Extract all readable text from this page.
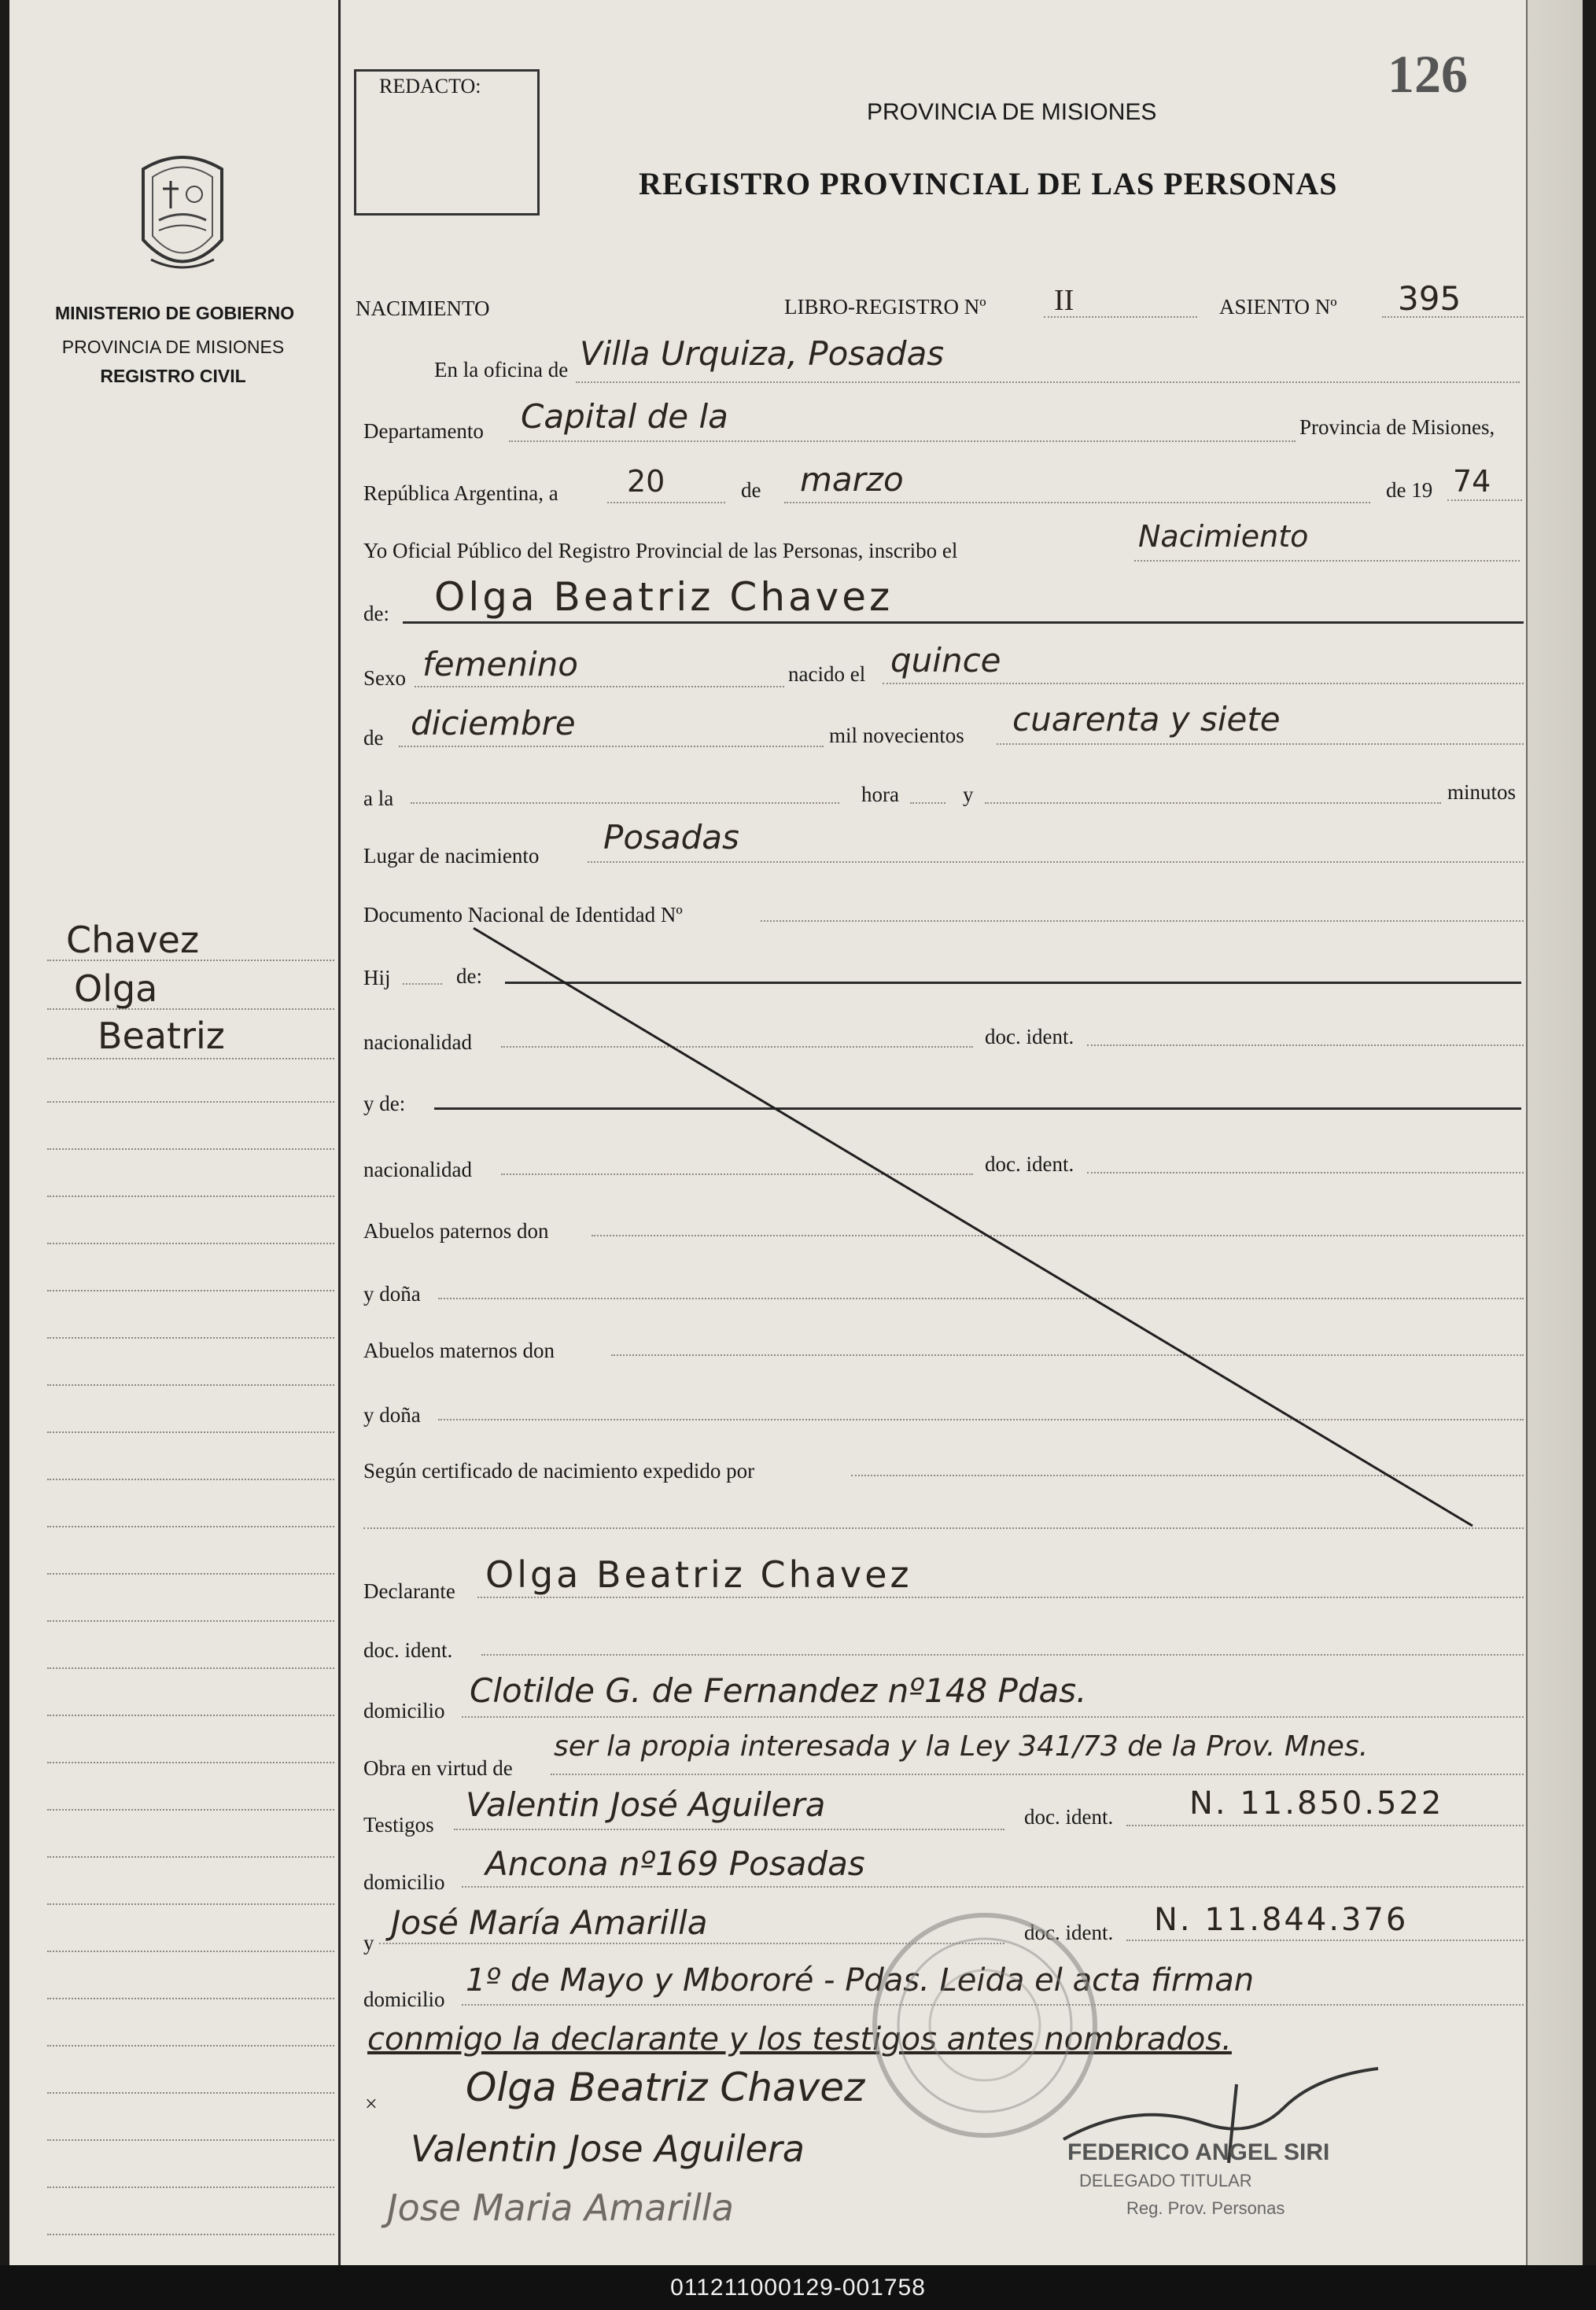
MINISTERIO DE GOBIERNO
PROVINCIA DE MISIONES
REGISTRO CIVIL
Chavez
Olga
Beatriz
REDACTO:	126
PROVINCIA DE MISIONES
REGISTRO PROVINCIAL DE LAS PERSONAS
NACIMIENTO	LIBRO-REGISTRO Nº II	ASIENTO Nº 395
En la oficina de Villa Urquiza, Posadas
Departamento Capital de la	Provincia de Misiones,
República Argentina, a 20	de marzo	de 19 74
Yo Oficial Público del Registro Provincial de las Personas, inscribo el	Nacimiento
de: Olga Beatriz Chavez
Sexo femenino	nacido el quince
de diciembre	mil novecientos cuarenta y siete
a la	hora	y	minutos
Lugar de nacimiento Posadas
Documento Nacional de Identidad Nº
Hij	de:
nacionalidad	doc. ident.
y de:
nacionalidad	doc. ident.
Abuelos paternos don
y doña
Abuelos maternos don
y doña
Según certificado de nacimiento expedido por
Declarante Olga Beatriz Chavez
doc. ident.
domicilio
Clotilde G. de Fernandez nº148 Pdas.
Obra en virtud de
ser la propia interesada y la Ley 341/73 de la Prov. Mnes.
Testigos
Valentin José Aguilera	doc. ident. N. 11.850.522
domicilio Ancona nº169 Posadas
y
José María Amarilla	doc. ident. N. 11.844.376
domicilio
1º de Mayo y Mbororé - Pdas. Leida el acta firman
conmigo la declarante y los testigos antes nombrados.
× Olga Beatriz Chavez
Valentin Jose Aguilera
Jose Maria Amarilla
FEDERICO ANGEL SIRI
DELEGADO TITULAR
Reg. Prov. Personas
011211000129-001758
